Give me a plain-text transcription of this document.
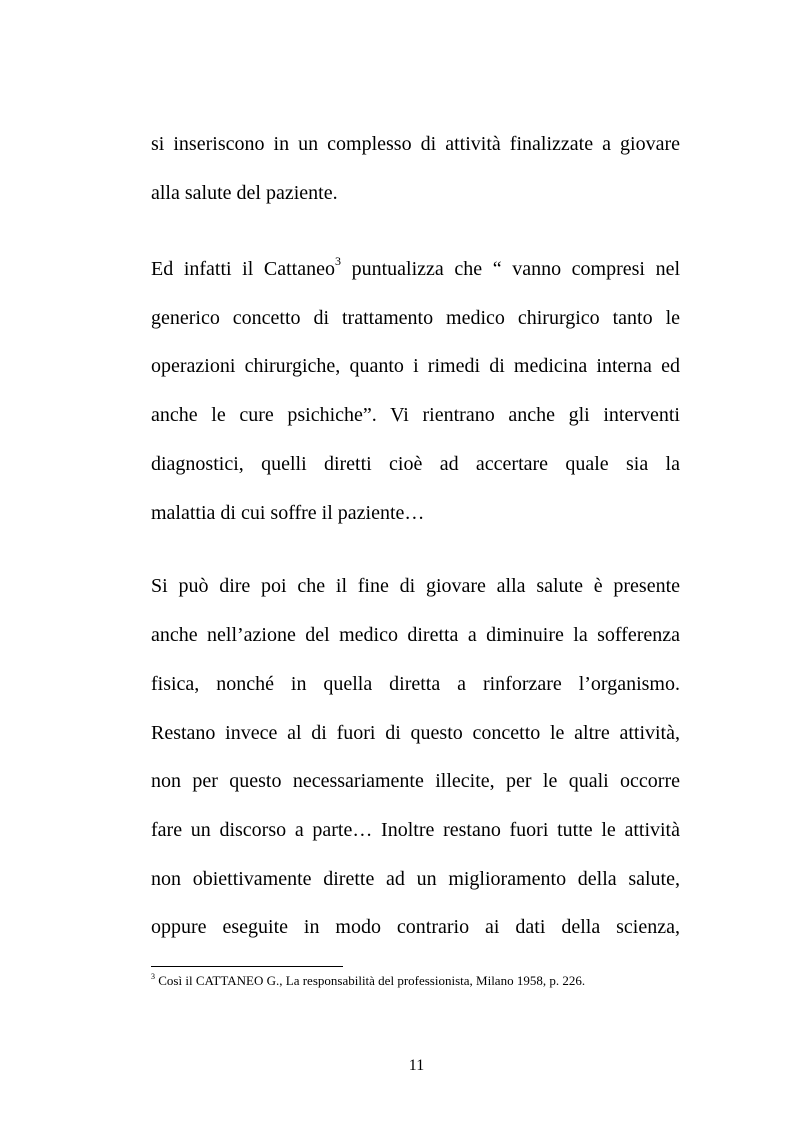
si inseriscono in un complesso di attività finalizzate a giovare
alla salute del paziente.
Ed infatti il Cattaneo$^3$ puntualizza che “ vanno compresi nel
generico concetto di trattamento medico chirurgico tanto le
operazioni chirurgiche, quanto i rimedi di medicina interna ed
anche le cure psichiche”. Vi rientrano anche gli interventi
diagnostici, quelli diretti cioè ad accertare quale sia la
malattia di cui soffre il paziente…
Si può dire poi che il fine di giovare alla salute è presente
anche nell’azione del medico diretta a diminuire la sofferenza
fisica, nonché in quella diretta a rinforzare l’organismo.
Restano invece al di fuori di questo concetto le altre attività,
non per questo necessariamente illecite, per le quali occorre
fare un discorso a parte… Inoltre restano fuori tutte le attività
non obiettivamente dirette ad un miglioramento della salute,
oppure eseguite in modo contrario ai dati della scienza,
$^3$ Così il CATTANEO G., La responsabilità del professionista, Milano 1958, p. 226.
11
